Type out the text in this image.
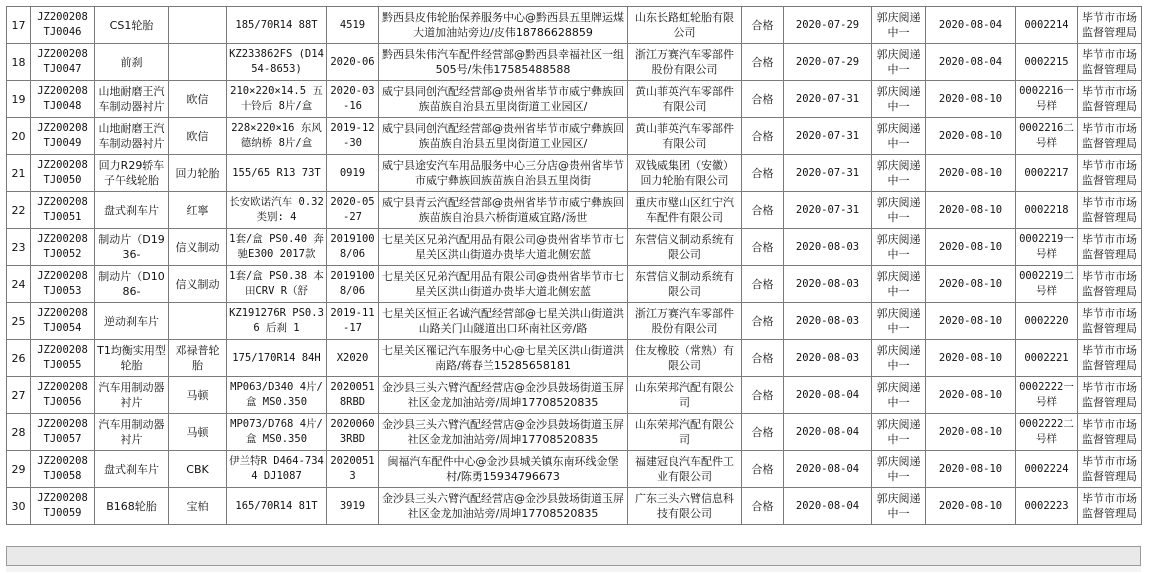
17	JZ200208 TJ0046	CS1轮胎		185/70R14 88T	4519	黔西县皮伟轮胎保养服务中心@黔西县五里牌运煤大道加油站旁边/皮伟18786628859	山东长路虹轮胎有限公司	合格	2020-07-29	郭庆阅递中一	2020-08-04	0002214	毕节市市场监督管理局

18	JZ200208 TJ0047	前刹		KZ233862FS (D1454-8653)	2020-06	黔西县朱伟汽车配件经营部@黔西县幸福社区一组505号/朱伟17585488588	浙江万赛汽车零部件股份有限公司	合格	2020-07-29	郭庆阅递中一	2020-08-04	0002215	毕节市市场监督管理局

19	JZ200208 TJ0048	山地耐磨王汽车制动器衬片	欧信	210×220×14.5 五十铃后 8片/盒	2020-03-16	威宁县同创汽配经营部@贵州省毕节市威宁彝族回族苗族自治县五里岗街道工业园区/	黄山菲英汽车零部件有限公司	合格	2020-07-31	郭庆阅递中一	2020-08-10	0002216一号样	毕节市市场监督管理局

20	JZ200208 TJ0049	山地耐磨王汽车制动器衬片	欧信	228×220×16 东风德纳桥 8片/盒	2019-12-30	威宁县同创汽配经营部@贵州省毕节市威宁彝族回族苗族自治县五里岗街道工业园区/	黄山菲英汽车零部件有限公司	合格	2020-07-31	郭庆阅递中一	2020-08-10	0002216二号样	毕节市市场监督管理局

21	JZ200208 TJ0050	回力R29轿车子午线轮胎	回力轮胎	155/65 R13 73T	0919	威宁县途安汽车用品服务中心三分店@贵州省毕节市威宁彝族回族苗族自治县五里岗街	双钱威集团（安徽）回力轮胎有限公司	合格	2020-07-31	郭庆阅递中一	2020-08-10	0002217	毕节市市场监督管理局

22	JZ200208 TJ0051	盘式刹车片	红寧	长安欧诺汽车 0.32 类别: 4	2020-05-27	威宁县青云汽配经营部@贵州省毕节市威宁彝族回族苗族自治县六桥街道威宜路/汤世	重庆市璧山区红宁汽车配件有限公司	合格	2020-07-31	郭庆阅递中一	2020-08-10	0002218	毕节市市场监督管理局

23	JZ200208 TJ0052	制动片（D1936-	信义制动	1套/盒 PS0.40 奔驰E300 2017款	20191008/06	七星关区兄弟汽配用品有限公司@贵州省毕节市七星关区洪山街道办贵毕大道北侧宏蓝	东营信义制动系统有限公司	合格	2020-08-03	郭庆阅递中一	2020-08-10	0002219一号样	毕节市市场监督管理局

24	JZ200208 TJ0053	制动片（D1086-	信义制动	1套/盒 PS0.38 本田CRV R（舒	20191008/06	七星关区兄弟汽配用品有限公司@贵州省毕节市七星关区洪山街道办贵毕大道北侧宏蓝	东营信义制动系统有限公司	合格	2020-08-03	郭庆阅递中一	2020-08-10	0002219二号样	毕节市市场监督管理局

25	JZ200208 TJ0054	逆动刹车片		KZ191276R PS0.36 后刹 1	2019-11-17	七星关区恒正名诚汽配经营部@七星关洪山街道洪山路关门山隧道出口环南社区旁/路	浙江万赛汽车零部件股份有限公司	合格	2020-08-03	郭庆阅递中一	2020-08-10	0002220	毕节市市场监督管理局

26	JZ200208 TJ0055	T1均衡实用型轮胎	邓禄普轮胎	175/170R14 84H	X2020	七星关区罹记汽车服务中心@七星关区洪山街道洪南路/蒋春兰15285658181	住友橡胶（常熟）有限公司	合格	2020-08-03	郭庆阅递中一	2020-08-10	0002221	毕节市市场监督管理局

27	JZ200208 TJ0056	汽车用制动器衬片	马顿	MP063/D340 4片/盒 MS0.350	20200518RBD	金沙县三头六臂汽配经营店@金沙县鼓场街道玉屏社区金龙加油站旁/周坤17708520835	山东荣邦汽配有限公司	合格	2020-08-04	郭庆阅递中一	2020-08-10	0002222一号样	毕节市市场监督管理局

28	JZ200208 TJ0057	汽车用制动器衬片	马顿	MP073/D768 4片/盒 MS0.350	20200603RBD	金沙县三头六臂汽配经营店@金沙县鼓场街道玉屏社区金龙加油站旁/周坤17708520835	山东荣邦汽配有限公司	合格	2020-08-04	郭庆阅递中一	2020-08-10	0002222二号样	毕节市市场监督管理局

29	JZ200208 TJ0058	盘式刹车片	CBK	伊兰特R D464-7344 DJ1087	20200513	闽福汽车配件中心@金沙县城关镇东南环线金堡村/陈勇15934796673	福建冠良汽车配件工业有限公司	合格	2020-08-04	郭庆阅递中一	2020-08-10	0002224	毕节市市场监督管理局

30	JZ200208 TJ0059	B168轮胎	宝柏	165/70R14 81T	3919	金沙县三头六臂汽配经营店@金沙县鼓场街道玉屏社区金龙加油站旁/周坤17708520835	广东三头六臂信息科技有限公司	合格	2020-08-04	郭庆阅递中一	2020-08-10	0002223	毕节市市场监督管理局
